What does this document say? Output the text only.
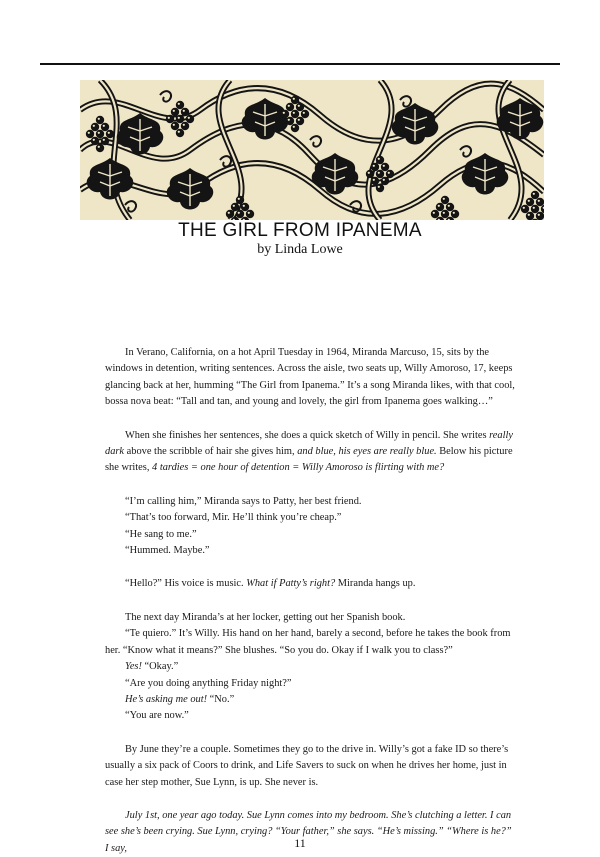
THE GIRL FROM IPANEMA
by Linda Lowe

In Verano, California, on a hot April Tuesday in 1964, Miranda Marcuso, 15, sits by the windows in detention, writing sentences. Across the aisle, two seats up, Willy Amoroso, 17, keeps glancing back at her, humming “The Girl from Ipanema.” It’s a song Miranda likes, with that cool, bossa nova beat: “Tall and tan, and young and lovely, the girl from Ipanema goes walking…”

When she finishes her sentences, she does a quick sketch of Willy in pencil. She writes really dark above the scribble of hair she gives him, and blue, his eyes are really blue. Below his picture she writes, 4 tardies = one hour of detention = Willy Amoroso is flirting with me?

“I’m calling him,” Miranda says to Patty, her best friend.

“That’s too forward, Mir. He’ll think you’re cheap.”

“He sang to me.”

“Hummed. Maybe.”

“Hello?” His voice is music. What if Patty’s right? Miranda hangs up.

The next day Miranda’s at her locker, getting out her Spanish book.

“Te quiero.” It’s Willy. His hand on her hand, barely a second, before he takes the book from her. “Know what it means?” She blushes. “So you do. Okay if I walk you to class?”

Yes! “Okay.”

“Are you doing anything Friday night?”

He’s asking me out! “No.”

“You are now.”

By June they’re a couple. Sometimes they go to the drive in. Willy’s got a fake ID so there’s usually a six pack of Coors to drink, and Life Savers to suck on when he drives her home, just in case her step mother, Sue Lynn, is up. She never is.

July 1st, one year ago today. Sue Lynn comes into my bedroom. She’s clutching a letter. I can see she’s been crying. Sue Lynn, crying? “Your father,” she says. “He’s missing.” “Where is he?” I say,	11
